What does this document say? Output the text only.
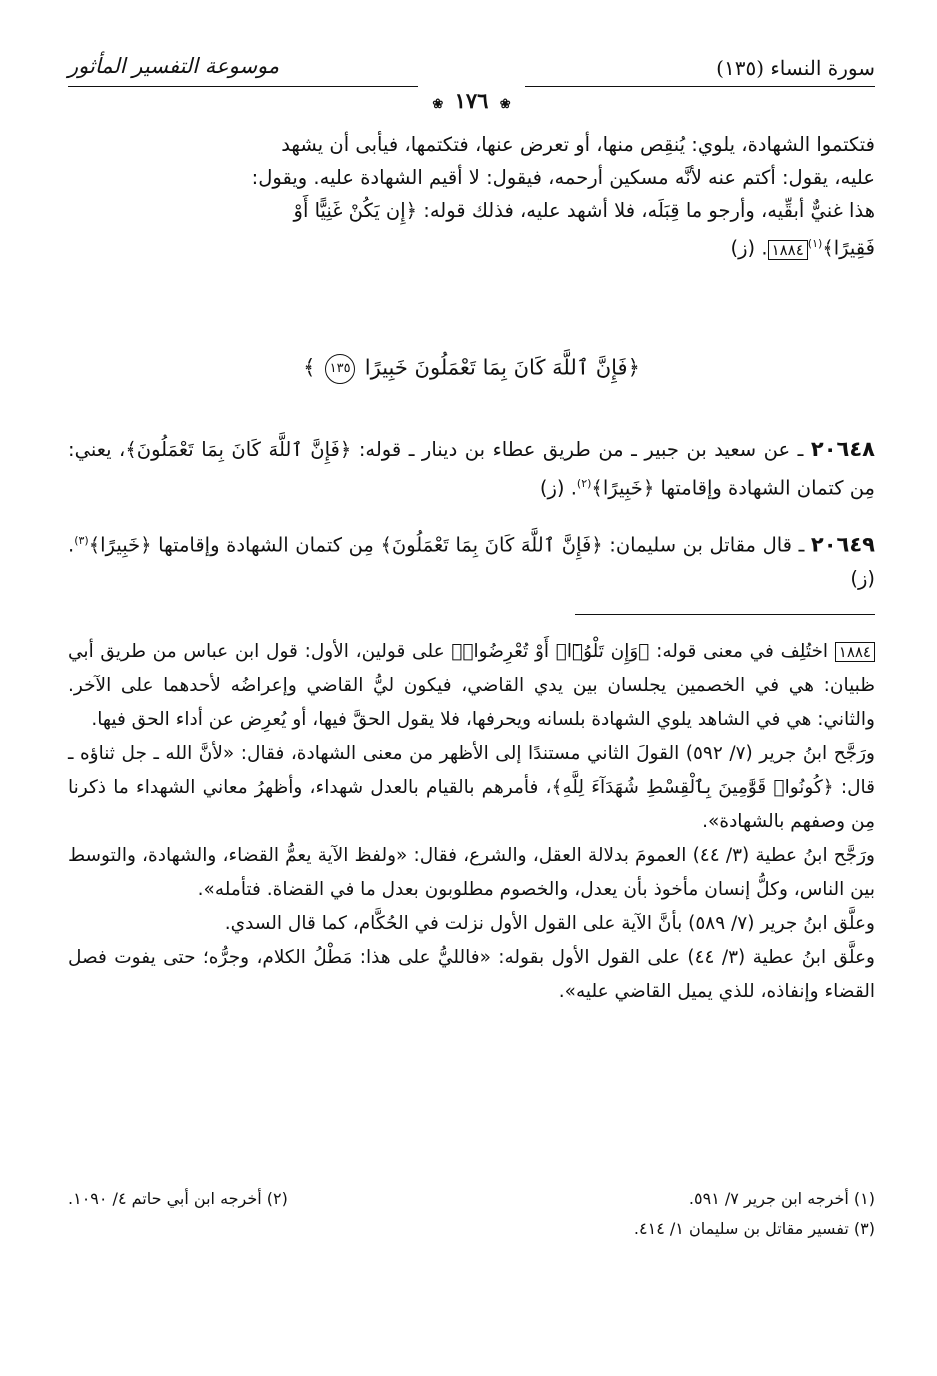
سورة النساء (١٣٥)
موسوعة التفسير المأثور
❀ ١٧٦ ❀

فتكتموا الشهادة، يلوي: يُنقِص منها، أو تعرض عنها، فتكتمها، فيأبى أن يشهد

عليه، يقول: أكتم عنه لأنَّه مسكين أرحمه، فيقول: لا أقيم الشهادة عليه. ويقول:

هذا غنيٌّ أبقِّيه، وأرجو ما قِبَلَه، فلا أشهد عليه، فذلك قوله: ﴿إِن يَكُنْ غَنِيًّا أَوْ

فَقِيرًا﴾$^{(١)}$١٨٨٤. (ز)

﴿فَإِنَّ ٱللَّهَ كَانَ بِمَا تَعْمَلُونَ خَبِيرًا ١٣٥ ﴾
٢٠٦٤٨ ـ عن سعيد بن جبير ـ من طريق عطاء بن دينار ـ قوله: ﴿فَإِنَّ ٱللَّهَ كَانَ بِمَا تَعْمَلُونَ﴾، يعني: مِن كتمان الشهادة وإقامتها ﴿خَبِيرًا﴾$^{(٢)}$. (ز)
٢٠٦٤٩ ـ قال مقاتل بن سليمان: ﴿فَإِنَّ ٱللَّهَ كَانَ بِمَا تَعْمَلُونَ﴾ مِن كتمان الشهادة وإقامتها ﴿خَبِيرًا﴾$^{(٣)}$. (ز)

١٨٨٤ اختُلِف في معنى قوله: ﴿وَإِن تَلْوُۥٓا۟ أَوْ تُعْرِضُوا۟﴾ على قولين، الأول: قول ابن عباس من طريق أبي ظبيان: هي في الخصمين يجلسان بين يدي القاضي، فيكون ليُّ القاضي وإعراضُه لأحدهما على الآخر. والثاني: هي في الشاهد يلوي الشهادة بلسانه ويحرفها، فلا يقول الحقَّ فيها، أو يُعرِض عن أداء الحق فيها.

ورَجَّح ابنُ جرير (٧/ ٥٩٢) القولَ الثاني مستندًا إلى الأظهر من معنى الشهادة، فقال: «لأنَّ الله ـ جل ثناؤه ـ قال: ﴿كُونُوا۟ قَوَّٰمِينَ بِٱلْقِسْطِ شُهَدَآءَ لِلَّهِ﴾، فأمرهم بالقيام بالعدل شهداء، وأظهرُ معاني الشهداء ما ذكرنا مِن وصفهم بالشهادة».

ورَجَّح ابنُ عطية (٣/ ٤٤) العمومَ بدلالة العقل، والشرع، فقال: «ولفظ الآية يعمُّ القضاء، والشهادة، والتوسط بين الناس، وكلُّ إنسان مأخوذ بأن يعدل، والخصوم مطلوبون بعدل ما في القضاة. فتأمله».

وعلَّق ابنُ جرير (٧/ ٥٨٩) بأنَّ الآية على القول الأول نزلت في الحُكَّام، كما قال السدي.

وعلَّق ابنُ عطية (٣/ ٤٤) على القول الأول بقوله: «فالليُّ على هذا: مَطْلُ الكلام، وجرُّه؛ حتى يفوت فصل القضاء وإنفاذه، للذي يميل القاضي عليه».

(١) أخرجه ابن جرير ٧/ ٥٩١.
(٢) أخرجه ابن أبي حاتم ٤/ ١٠٩٠.
(٣) تفسير مقاتل بن سليمان ١/ ٤١٤.
